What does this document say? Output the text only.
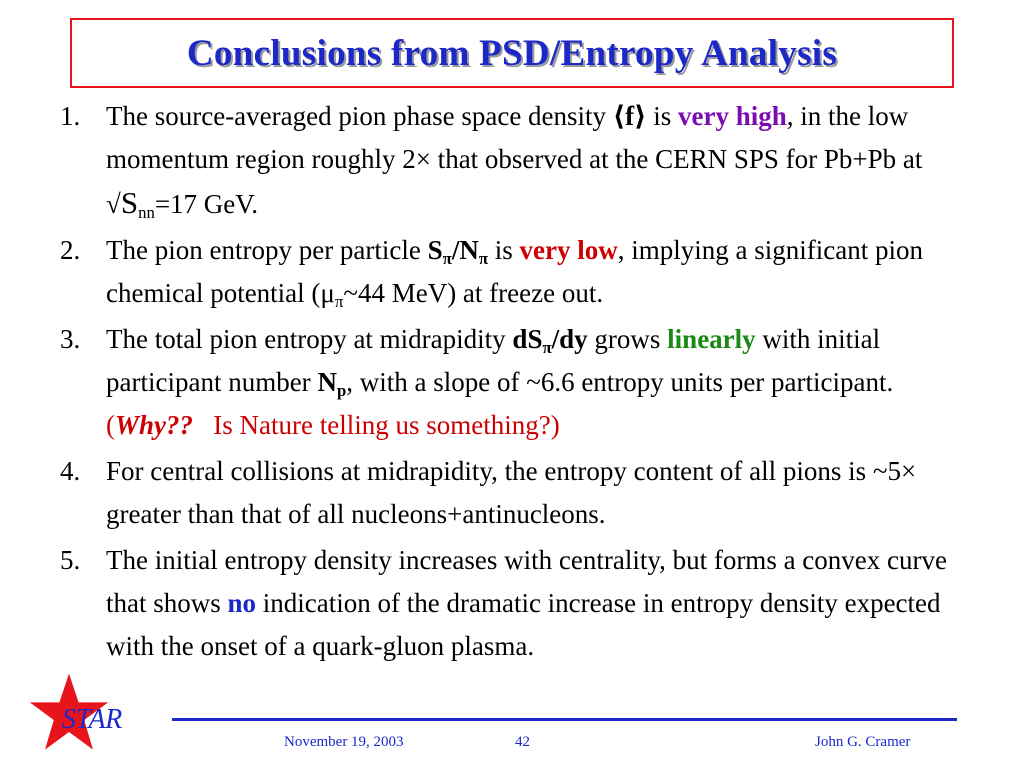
Conclusions from PSD/Entropy Analysis
1. The source-averaged pion phase space density ⟨f⟩ is very high, in the low momentum region roughly 2× that observed at the CERN SPS for Pb+Pb at $√S_{nn}=17$ GeV.
2. The pion entropy per particle $S_\pi/N_\pi$ is very low, implying a significant pion chemical potential ($\mu_\pi\sim 44$ MeV) at freeze out.
3. The total pion entropy at midrapidity $dS_\pi/dy$ grows linearly with initial participant number $N_p$, with a slope of ~6.6 entropy units per participant. (Why??   Is Nature telling us something?)
4. For central collisions at midrapidity, the entropy content of all pions is ~5× greater than that of all nucleons+antinucleons.
5. The initial entropy density increases with centrality, but forms a convex curve that shows no indication of the dramatic increase in entropy density expected with the onset of a quark-gluon plasma.
STAR
November 19, 2003	42	John G. Cramer
